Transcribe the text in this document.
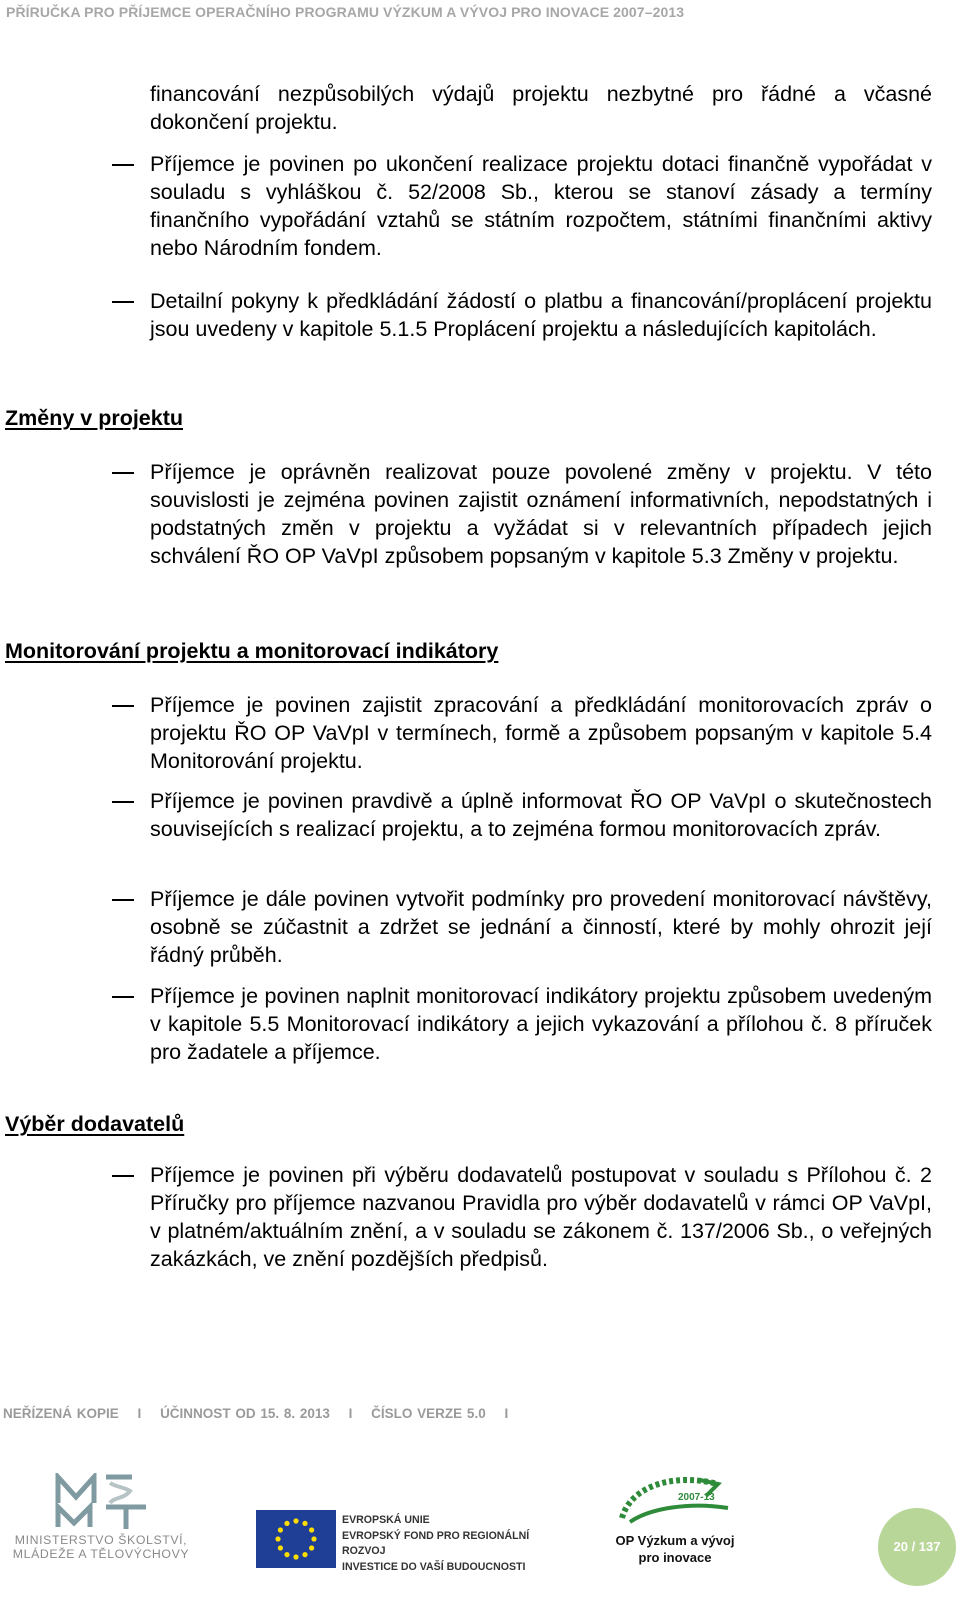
PŘÍRUČKA PRO PŘÍJEMCE OPERAČNÍHO PROGRAMU VÝZKUM A VÝVOJ PRO INOVACE 2007–2013
financování nezpůsobilých výdajů projektu nezbytné pro řádné a včasné dokončení projektu.
Příjemce je povinen po ukončení realizace projektu dotaci finančně vypořádat v souladu s vyhláškou č. 52/2008 Sb., kterou se stanoví zásady a termíny finančního vypořádání vztahů se státním rozpočtem, státními finančními aktivy nebo Národním fondem.
Detailní pokyny k předkládání žádostí o platbu a financování/proplácení projektu jsou uvedeny v kapitole 5.1.5 Proplácení projektu a následujících kapitolách.
Změny v projektu
Příjemce je oprávněn realizovat pouze povolené změny v projektu. V této souvislosti je zejména povinen zajistit oznámení informativních, nepodstatných i podstatných změn v projektu a vyžádat si v relevantních případech jejich schválení ŘO OP VaVpI způsobem popsaným v kapitole 5.3 Změny v projektu.
Monitorování projektu a monitorovací indikátory
Příjemce je povinen zajistit zpracování a předkládání monitorovacích zpráv o projektu ŘO OP VaVpI v termínech, formě a způsobem popsaným v kapitole 5.4 Monitorování projektu.
Příjemce je povinen pravdivě a úplně informovat ŘO OP VaVpI o skutečnostech souvisejících s realizací projektu, a to zejména formou monitorovacích zpráv.
Příjemce je dále povinen vytvořit podmínky pro provedení monitorovací návštěvy, osobně se zúčastnit a zdržet se jednání a činností, které by mohly ohrozit její řádný průběh.
Příjemce je povinen naplnit monitorovací indikátory projektu způsobem uvedeným v kapitole 5.5 Monitorovací indikátory a jejich vykazování a přílohou č. 8 příruček pro žadatele a příjemce.
Výběr dodavatelů
Příjemce je povinen při výběru dodavatelů postupovat v souladu s Přílohou č. 2 Příručky pro příjemce nazvanou Pravidla pro výběr dodavatelů v rámci OP VaVpI, v platném/aktuálním znění, a v souladu se zákonem č. 137/2006 Sb., o veřejných zakázkách, ve znění pozdějších předpisů.
NEŘÍZENÁ KOPIE I ÚČINNOST OD 15. 8. 2013 I ČÍSLO VERZE 5.0 I
MINISTERSTVO ŠKOLSTVÍ,
MLÁDEŽE A TĚLOVÝCHOVY
EVROPSKÁ UNIE
EVROPSKÝ FOND PRO REGIONÁLNÍ ROZVOJ
INVESTICE DO VAŠÍ BUDOUCNOSTI
2007-13
OP Výzkum a vývoj
pro inovace
20 / 137
